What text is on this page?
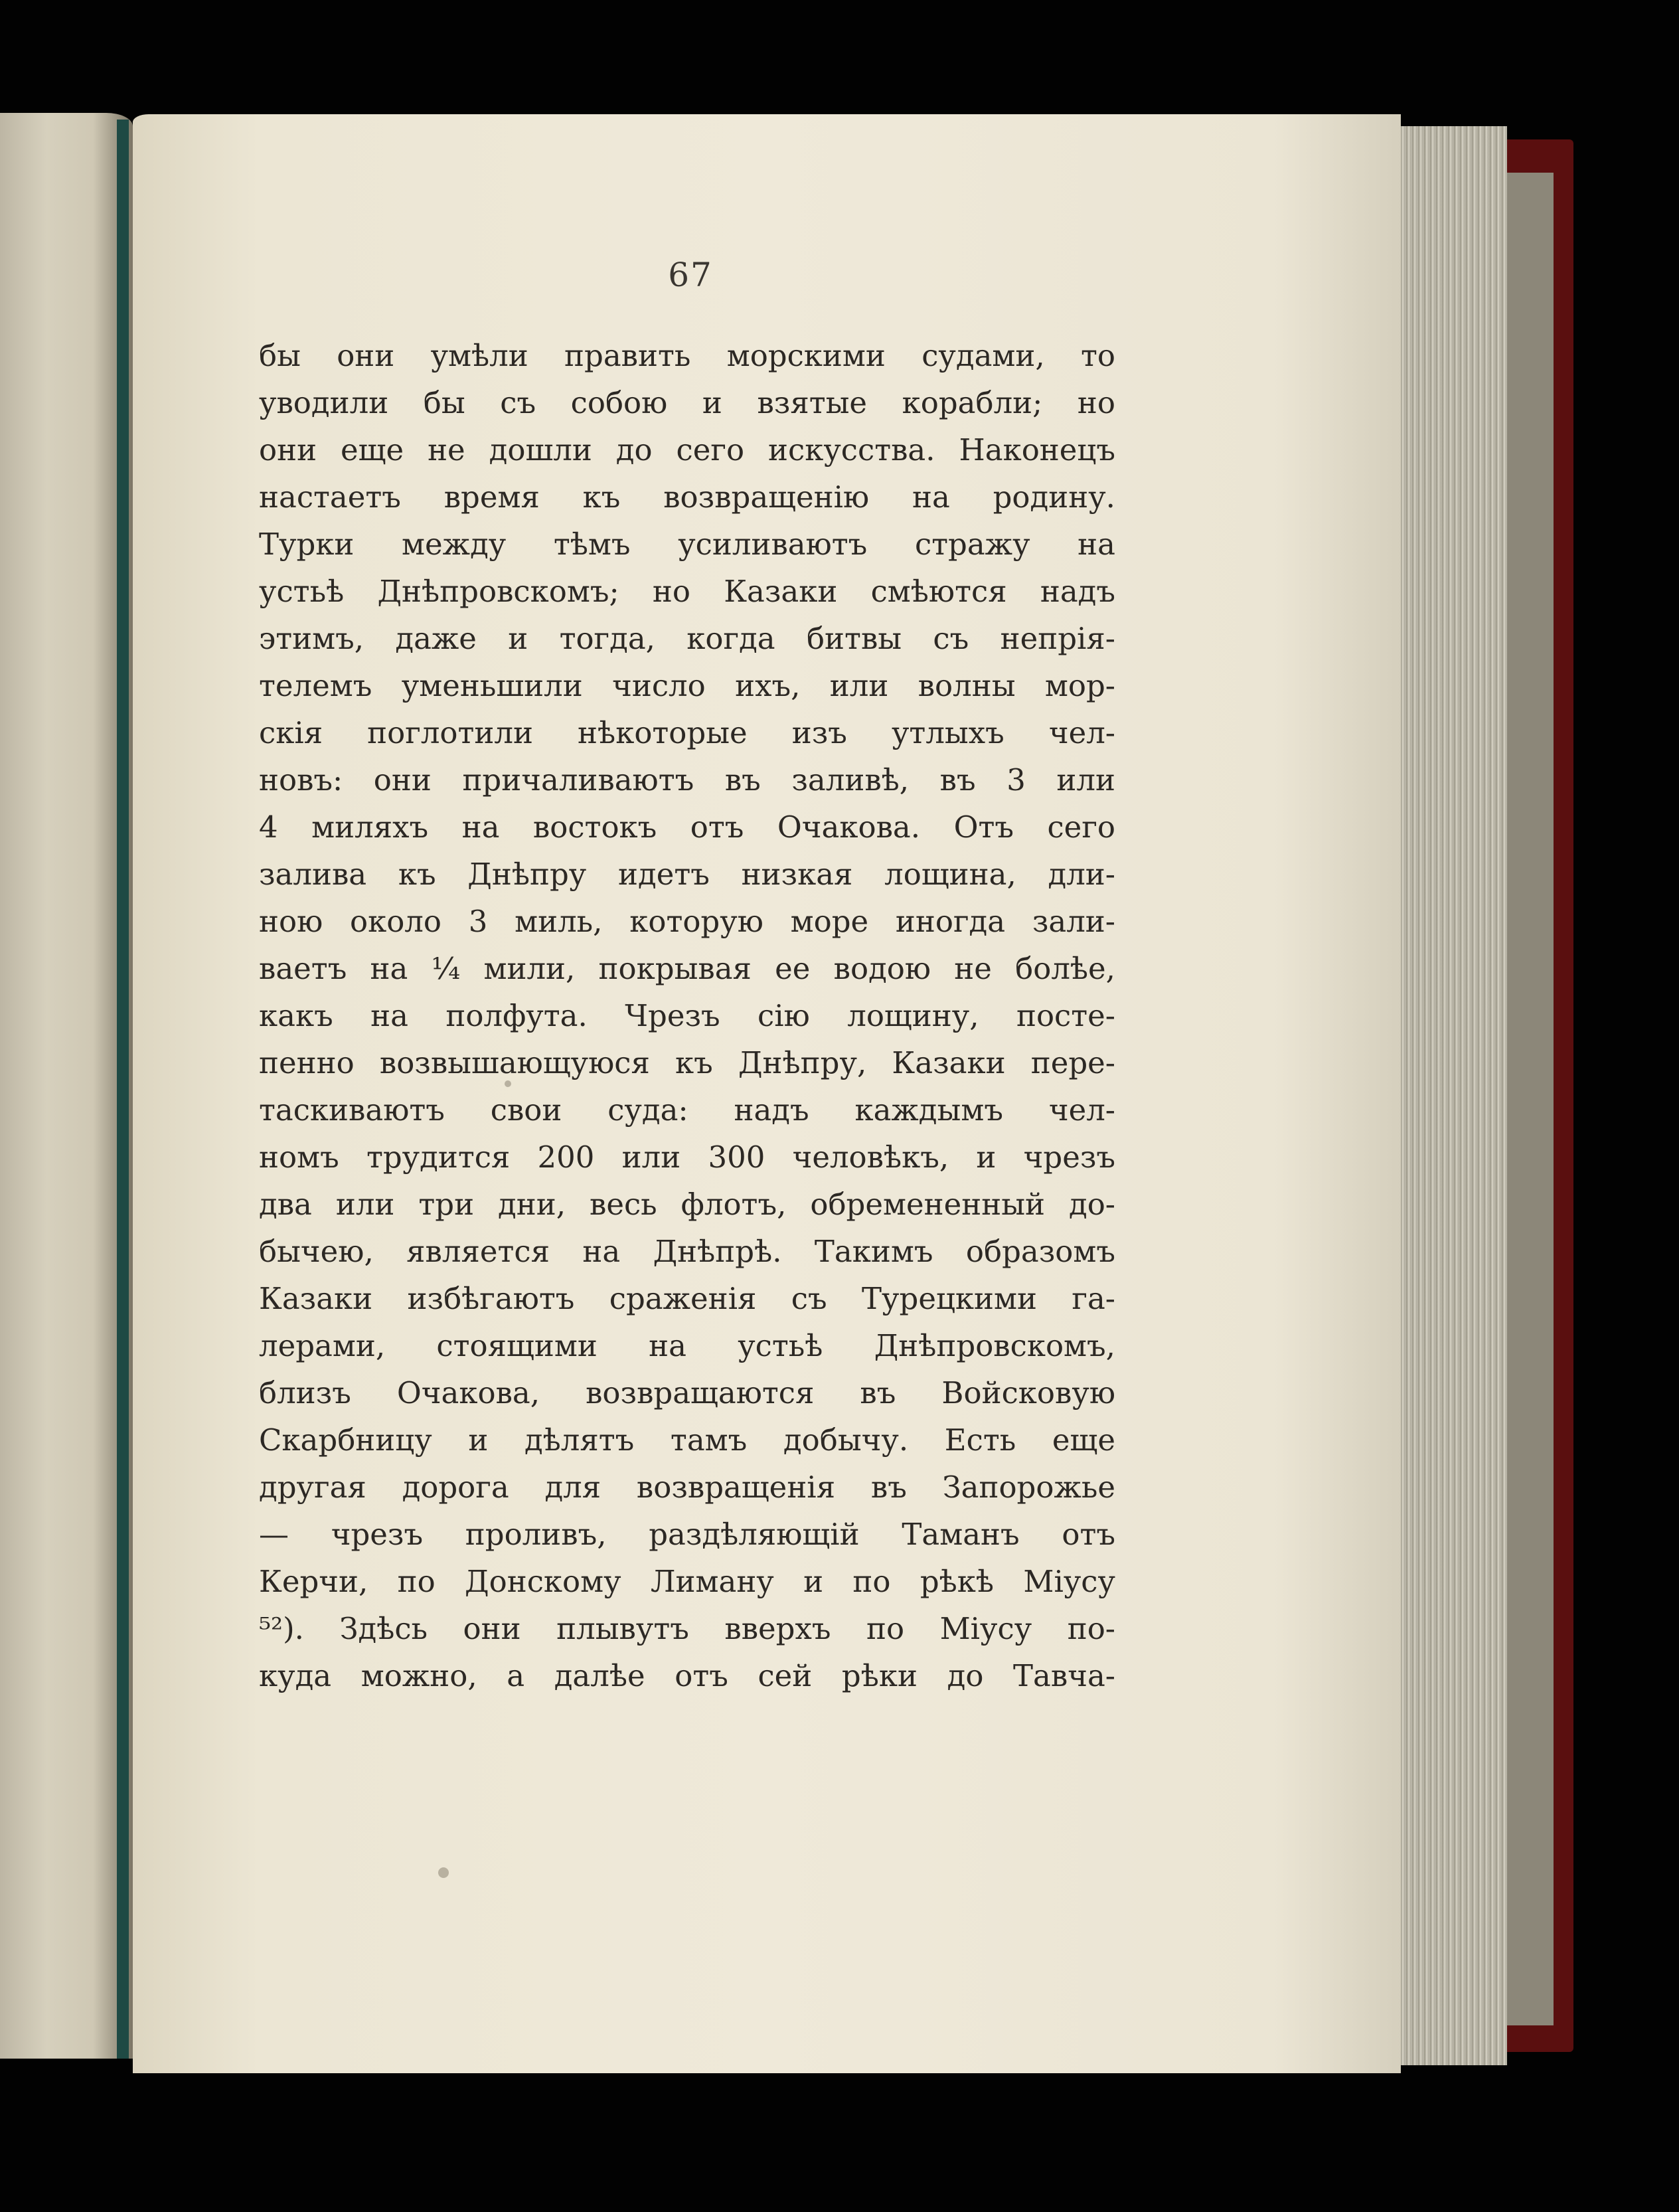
67
бы они умѣли править морскими судами, то
уводили бы съ собою и взятые корабли; но
они еще не дошли до сего искусства. Наконецъ
настаетъ время къ возвращенію на родину.
Турки между тѣмъ усиливаютъ стражу на
устьѣ Днѣпровскомъ; но Казаки смѣются надъ
этимъ, даже и тогда, когда битвы съ непрія-
телемъ уменьшили число ихъ, или волны мор-
скія поглотили нѣкоторые изъ утлыхъ чел-
новъ: они причаливаютъ въ заливѣ, въ 3 или
4 миляхъ на востокъ отъ Очакова. Отъ сего
залива къ Днѣпру идетъ низкая лощина, дли-
ною около 3 миль, которую море иногда зали-
ваетъ на ¼ мили, покрывая ее водою не болѣе,
какъ на полфута. Чрезъ сію лощину, посте-
пенно возвышающуюся къ Днѣпру, Казаки пере-
таскиваютъ свои суда: надъ каждымъ чел-
номъ трудится 200 или 300 человѣкъ, и чрезъ
два или три дни, весь флотъ, обремененный до-
бычею, является на Днѣпрѣ. Такимъ образомъ
Казаки избѣгаютъ сраженія съ Турецкими га-
лерами, стоящими на устьѣ Днѣпровскомъ,
близъ Очакова, возвращаются въ Войсковую
Скарбницу и дѣлятъ тамъ добычу. Есть еще
другая дорога для возвращенія въ Запорожье
— чрезъ проливъ, раздѣляющій Таманъ отъ
Керчи, по Донскому Лиману и по рѣкѣ Міусу
⁵²). Здѣсь они плывутъ вверхъ по Міусу по-
куда можно, а далѣе отъ сей рѣки до Тавча-
